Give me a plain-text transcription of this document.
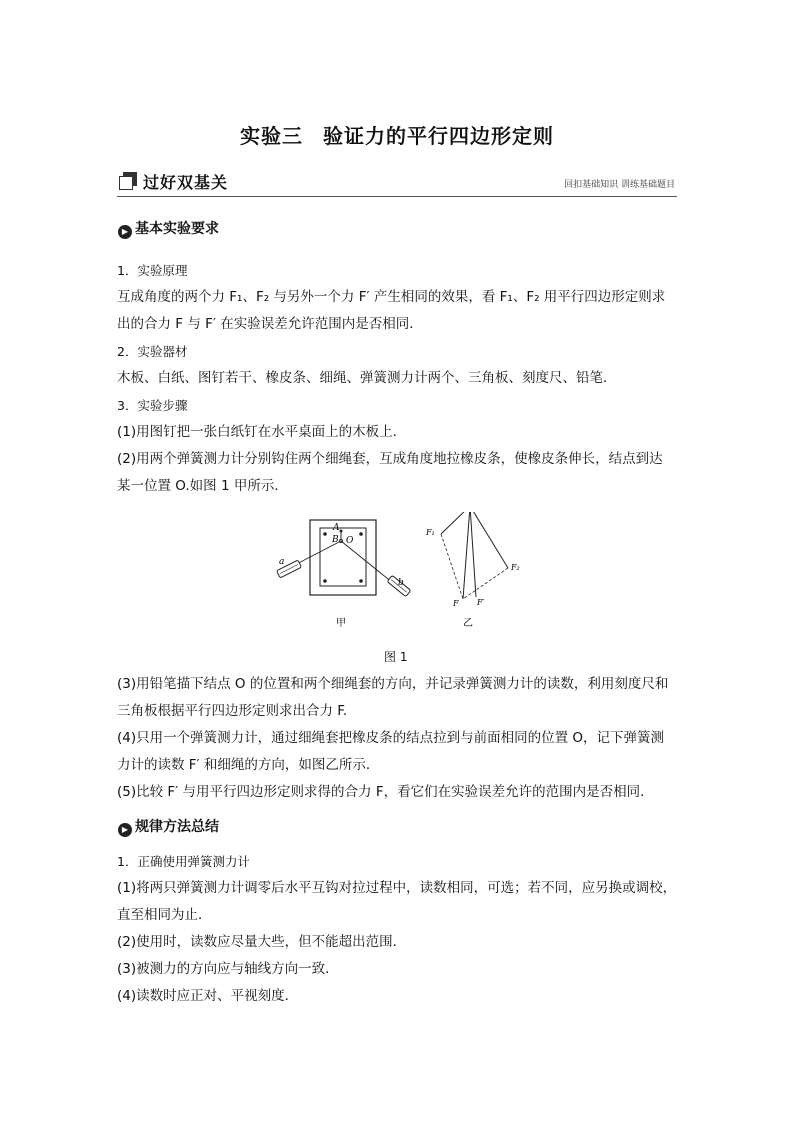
实验三 验证力的平行四边形定则
过好双基关	回扣基础知识 训练基础题目
▶ 基本实验要求
1．实验原理
互成角度的两个力 F₁、F₂ 与另外一个力 F′ 产生相同的效果，看 F₁、F₂ 用平行四边形定则求
出的合力 F 与 F′ 在实验误差允许范围内是否相同．
2．实验器材
木板、白纸、图钉若干、橡皮条、细绳、弹簧测力计两个、三角板、刻度尺、铅笔．
3．实验步骤
(1)用图钉把一张白纸钉在水平桌面上的木板上．
(2)用两个弹簧测力计分别钩住两个细绳套，互成角度地拉橡皮条，使橡皮条伸长，结点到达
某一位置 O.如图 1 甲所示．
A
B O
a
b
甲
F₁
F₂
F F′
乙
图 1
(3)用铅笔描下结点 O 的位置和两个细绳套的方向，并记录弹簧测力计的读数，利用刻度尺和
三角板根据平行四边形定则求出合力 F.
(4)只用一个弹簧测力计，通过细绳套把橡皮条的结点拉到与前面相同的位置 O，记下弹簧测
力计的读数 F′ 和细绳的方向，如图乙所示．
(5)比较 F′ 与用平行四边形定则求得的合力 F，看它们在实验误差允许的范围内是否相同．
▶ 规律方法总结
1．正确使用弹簧测力计
(1)将两只弹簧测力计调零后水平互钩对拉过程中，读数相同，可选；若不同，应另换或调校，
直至相同为止．
(2)使用时，读数应尽量大些，但不能超出范围．
(3)被测力的方向应与轴线方向一致．
(4)读数时应正对、平视刻度．
